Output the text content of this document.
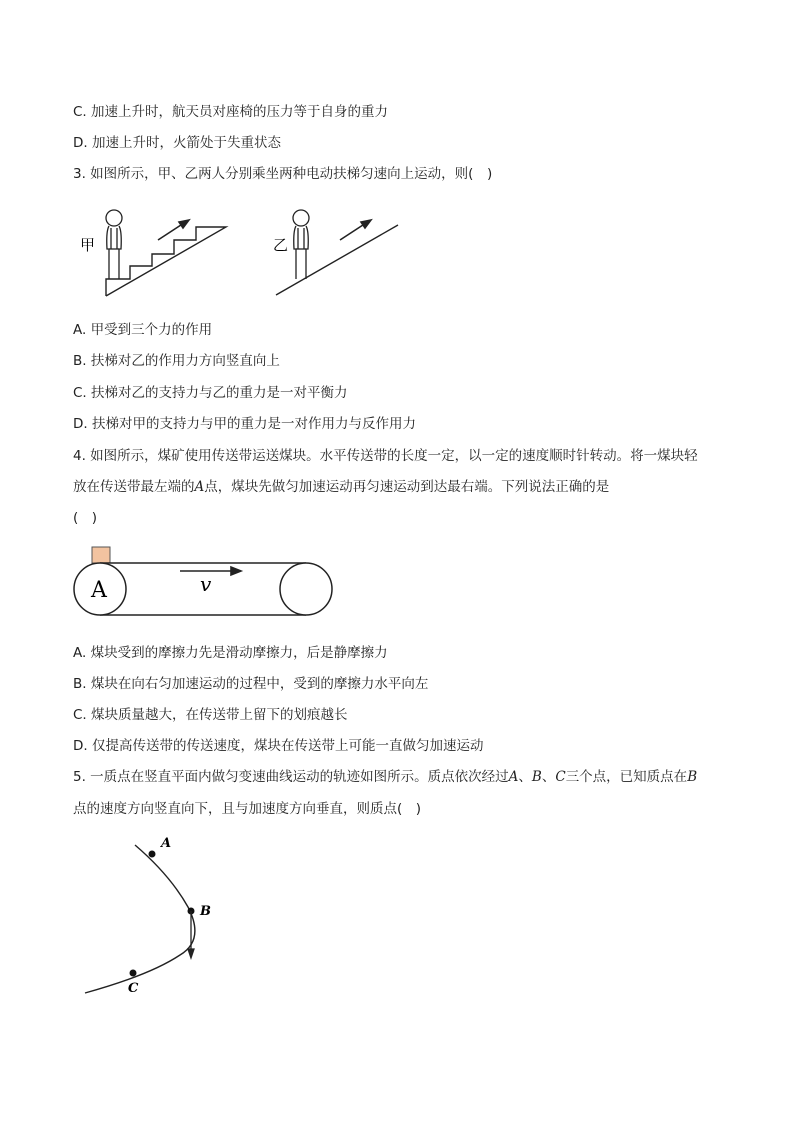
C. 加速上升时，航天员对座椅的压力等于自身的重力
D. 加速上升时，火箭处于失重状态
3. 如图所示，甲、乙两人分别乘坐两种电动扶梯匀速向上运动，则(　)
甲	乙
A. 甲受到三个力的作用
B. 扶梯对乙的作用力方向竖直向上
C. 扶梯对乙的支持力与乙的重力是一对平衡力
D. 扶梯对甲的支持力与甲的重力是一对作用力与反作用力
4. 如图所示，煤矿使用传送带运送煤块。水平传送带的长度一定，以一定的速度顺时针转动。将一煤块轻
放在传送带最左端的A点，煤块先做匀加速运动再匀速运动到达最右端。下列说法正确的是
(　)
A	v
A. 煤块受到的摩擦力先是滑动摩擦力，后是静摩擦力
B. 煤块在向右匀加速运动的过程中，受到的摩擦力水平向左
C. 煤块质量越大，在传送带上留下的划痕越长
D. 仅提高传送带的传送速度，煤块在传送带上可能一直做匀加速运动
5. 一质点在竖直平面内做匀变速曲线运动的轨迹如图所示。质点依次经过A、B、C三个点，已知质点在B
点的速度方向竖直向下，且与加速度方向垂直，则质点(　)
A
B
C
